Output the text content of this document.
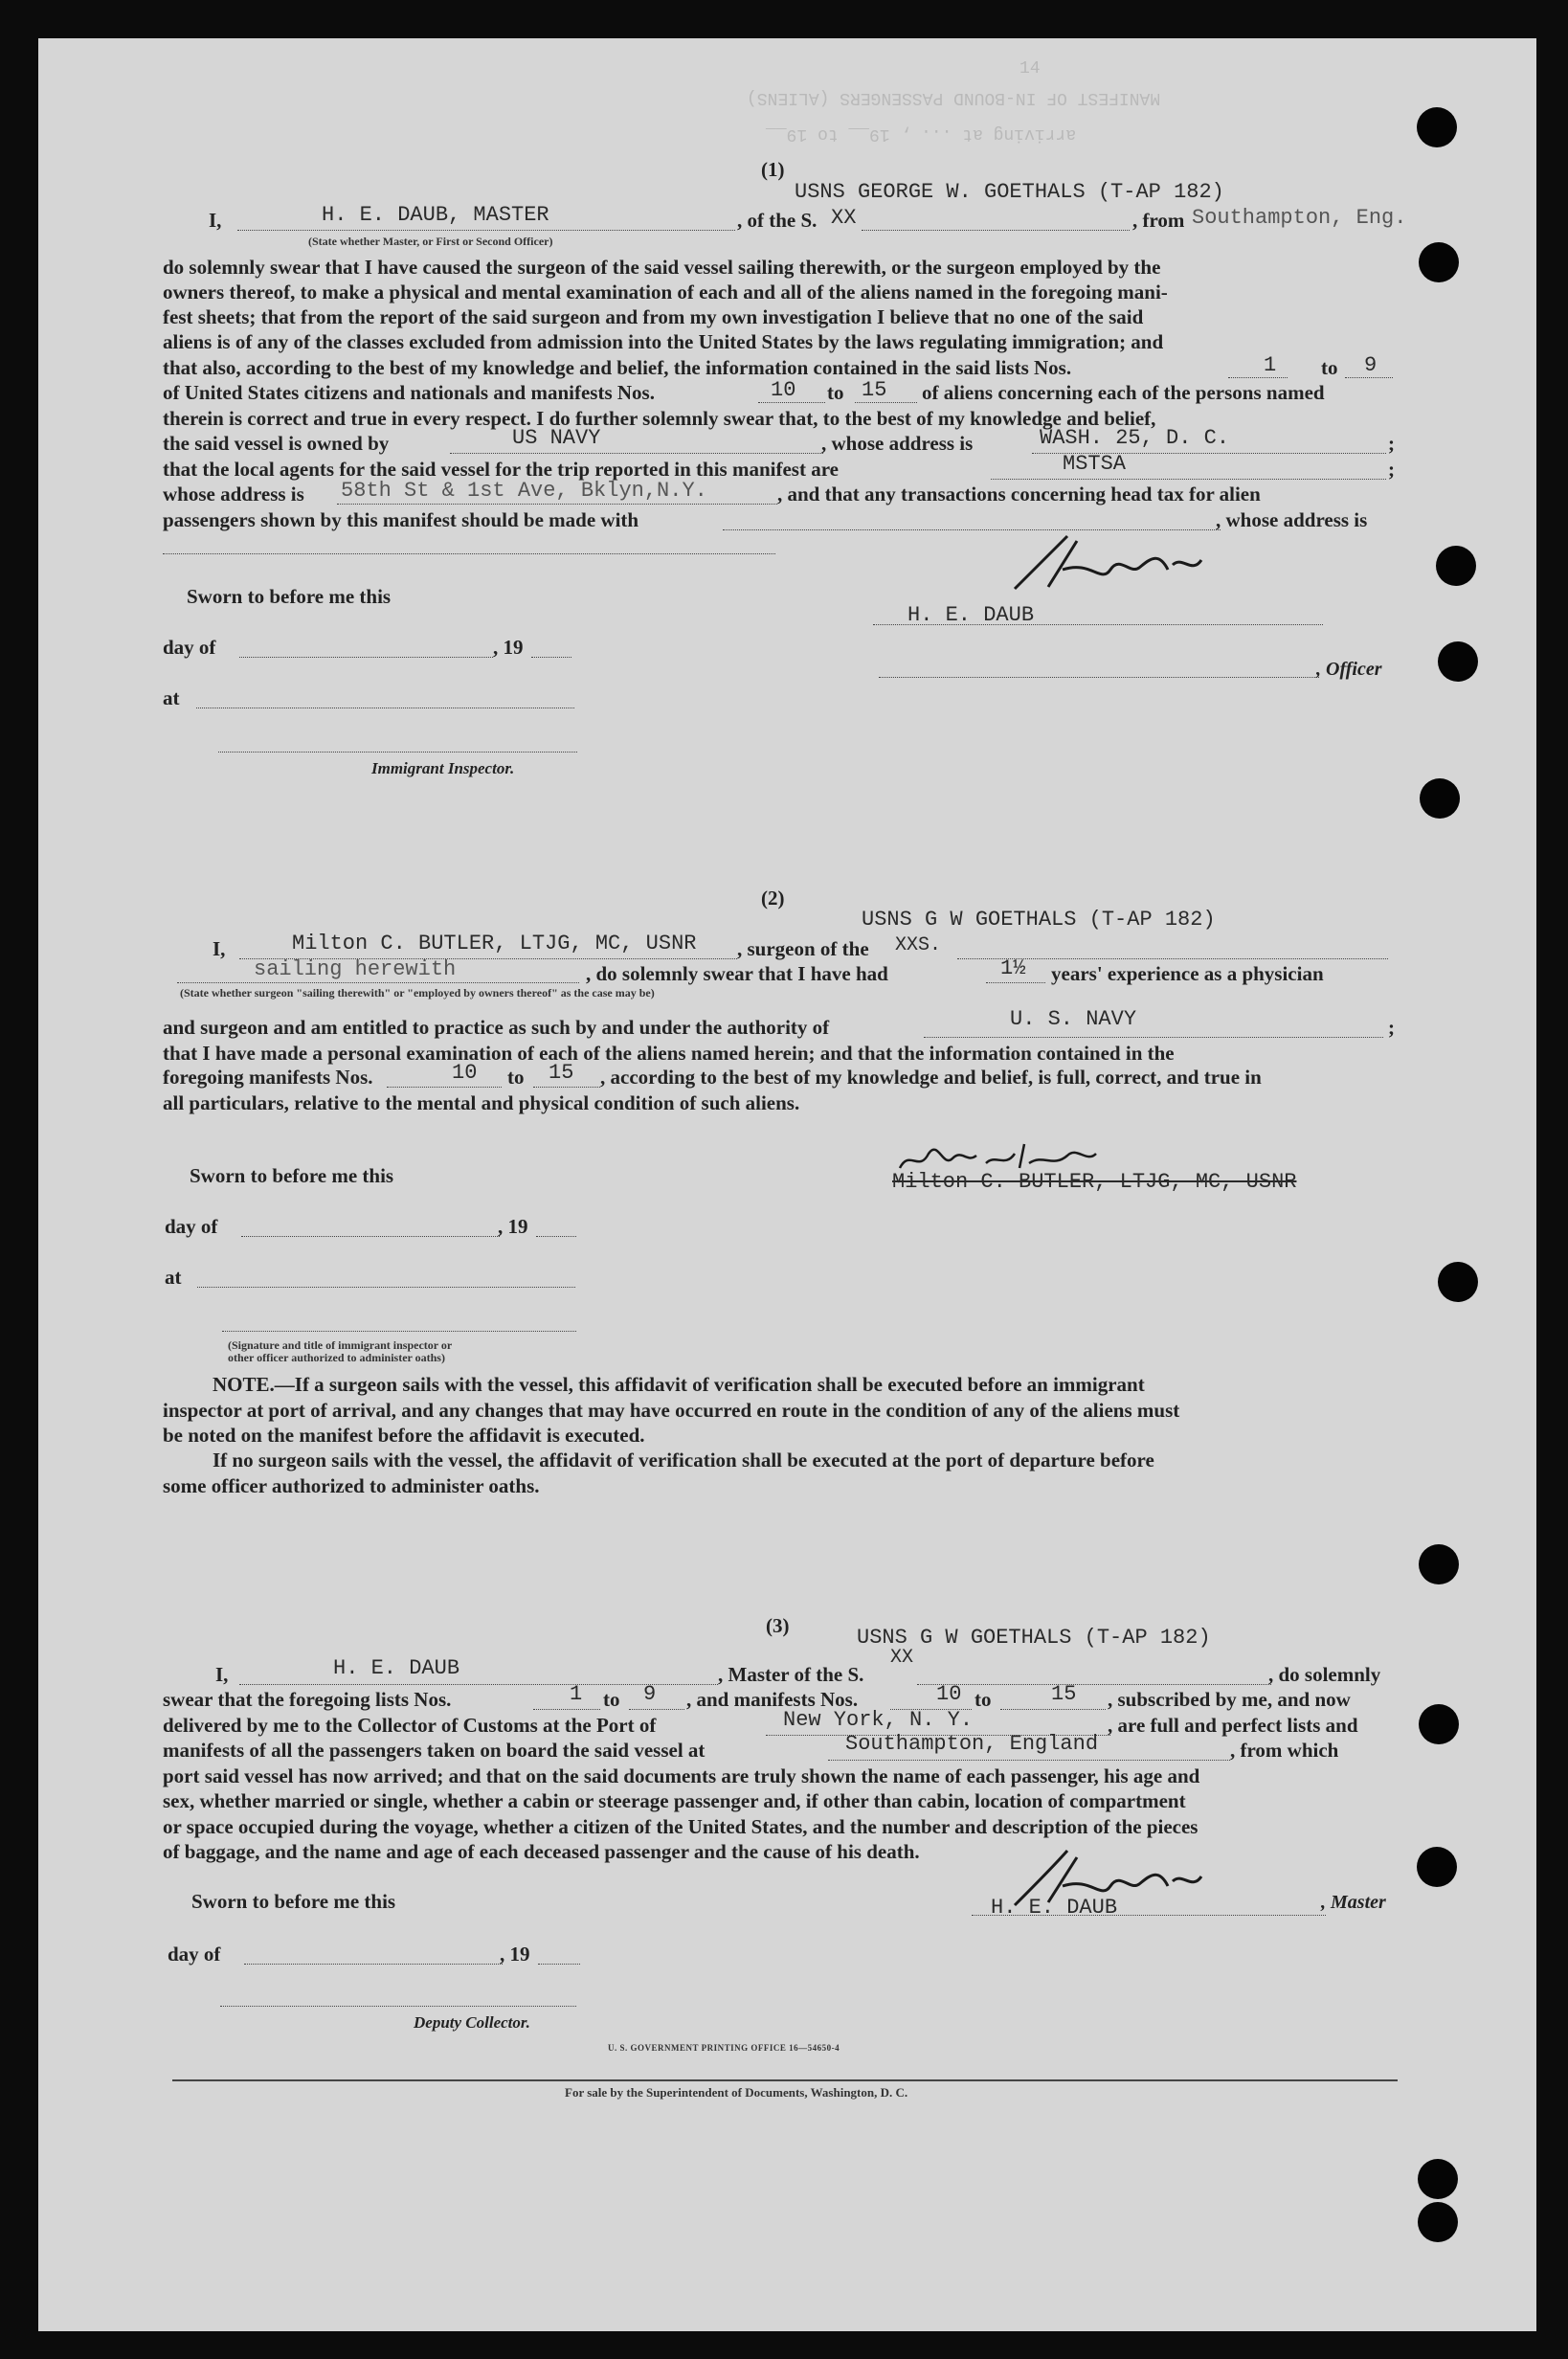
14
MANIFEST OF IN-BOUND PASSENGERS (ALIENS)
arriving at ... , 19__ to 19__
(1)
USNS GEORGE W. GOETHALS (T-AP 182)
I,	H. E. DAUB, MASTER
(State whether Master, or First or Second Officer)
, of the S. XX	, from Southampton, Eng.
do solemnly swear that I have caused the surgeon of the said vessel sailing therewith, or the surgeon employed by the
owners thereof, to make a physical and mental examination of each and all of the aliens named in the foregoing mani-
fest sheets; that from the report of the said surgeon and from my own investigation I believe that no one of the said
aliens is of any of the classes excluded from admission into the United States by the laws regulating immigration; and
that also, according to the best of my knowledge and belief, the information contained in the said lists Nos.	1 to 9
of United States citizens and nationals and manifests Nos.	10 to 15 of aliens concerning each of the persons named
therein is correct and true in every respect. I do further solemnly swear that, to the best of my knowledge and belief,
the said vessel is owned by	US NAVY	, whose address is	WASH. 25, D. C.	;
that the local agents for the said vessel for the trip reported in this manifest are	MSTSA	;
whose address is 58th St & 1st Ave, Bklyn,N.Y.	, and that any transactions concerning head tax for alien
passengers shown by this manifest should be made with	, whose address is
Sworn to before me this
day of	, 19
at
Immigrant Inspector.
H. E. DAUB
, Officer
(2)
USNS G W GOETHALS (T-AP 182)
I,	Milton C. BUTLER, LTJG, MC, USNR , surgeon of the XXS.
sailing herewith	, do solemnly swear that I have had	1½ years' experience as a physician
(State whether surgeon "sailing therewith" or "employed by owners thereof" as the case may be)
and surgeon and am entitled to practice as such by and under the authority of	U. S. NAVY	;
that I have made a personal examination of each of the aliens named herein; and that the information contained in the
foregoing manifests Nos.	10 to 15 , according to the best of my knowledge and belief, is full, correct, and true in
all particulars, relative to the mental and physical condition of such aliens.
Sworn to before me this	Milton C. BUTLER, LTJG, MC, USNR
day of	, 19
at
(Signature and title of immigrant inspector or
other officer authorized to administer oaths)
NOTE.—If a surgeon sails with the vessel, this affidavit of verification shall be executed before an immigrant
inspector at port of arrival, and any changes that may have occurred en route in the condition of any of the aliens must
be noted on the manifest before the affidavit is executed.
If no surgeon sails with the vessel, the affidavit of verification shall be executed at the port of departure before
some officer authorized to administer oaths.
(3)	USNS G W GOETHALS (T-AP 182)
I,	H. E. DAUB	, Master of the S.
XX
, do solemnly
swear that the foregoing lists Nos.	1 to 9 , and manifests Nos.	10 to	15 , subscribed by me, and now
delivered by me to the Collector of Customs at the Port of	New York, N. Y.	, are full and perfect lists and
manifests of all the passengers taken on board the said vessel at	Southampton, England	, from which
port said vessel has now arrived; and that on the said documents are truly shown the name of each passenger, his age and
sex, whether married or single, whether a cabin or steerage passenger and, if other than cabin, location of compartment
or space occupied during the voyage, whether a citizen of the United States, and the number and description of the pieces
of baggage, and the name and age of each deceased passenger and the cause of his death.
Sworn to before me this	H. E. DAUB	, Master
day of	, 19
Deputy Collector.
U. S. GOVERNMENT PRINTING OFFICE 16—54650-4
For sale by the Superintendent of Documents, Washington, D. C.
